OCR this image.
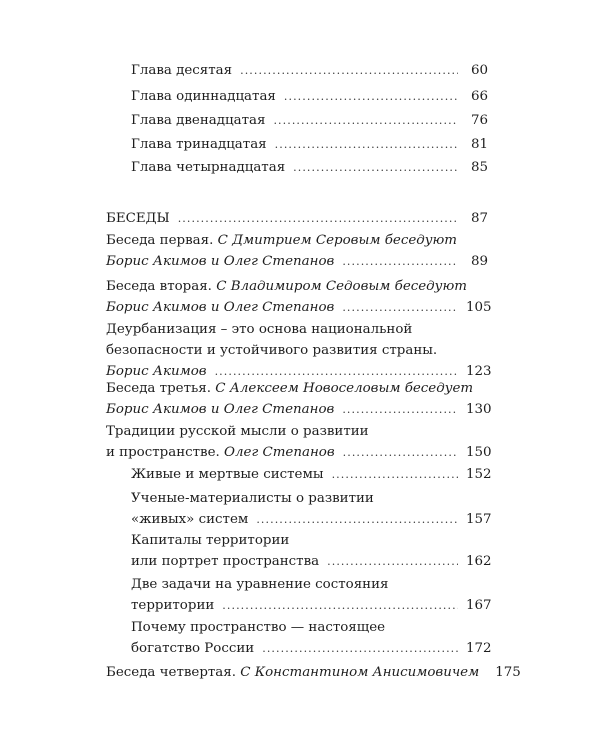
Глава десятая .....	60
Глава одиннадцатая .....	66
Глава двенадцатая .....	76
Глава тринадцатая .....	81
Глава четырнадцатая .....	85
БЕСЕДЫ .....	87
Беседа первая. С Дмитрием Серовым беседуют
Борис Акимов и Олег Степанов .....	89
Беседа вторая. С Владимиром Седовым беседуют
Борис Акимов и Олег Степанов .....	105
Деурбанизация – это основа национальной
безопасности и устойчивого развития страны.
Борис Акимов .....	123
Беседа третья. С Алексеем Новоселовым беседует
Борис Акимов и Олег Степанов .....	130
Традиции русской мысли о развитии
и пространстве. Олег Степанов .....	150
Живые и мертвые системы .....	152
Ученые-материалисты о развитии
«живых» систем .....	157
Капиталы территории
или портрет пространства .....	162
Две задачи на уравнение состояния
территории .....	167
Почему пространство — настоящее
богатство России .....	172
Беседа четвертая. С Константином Анисимовичем 175
